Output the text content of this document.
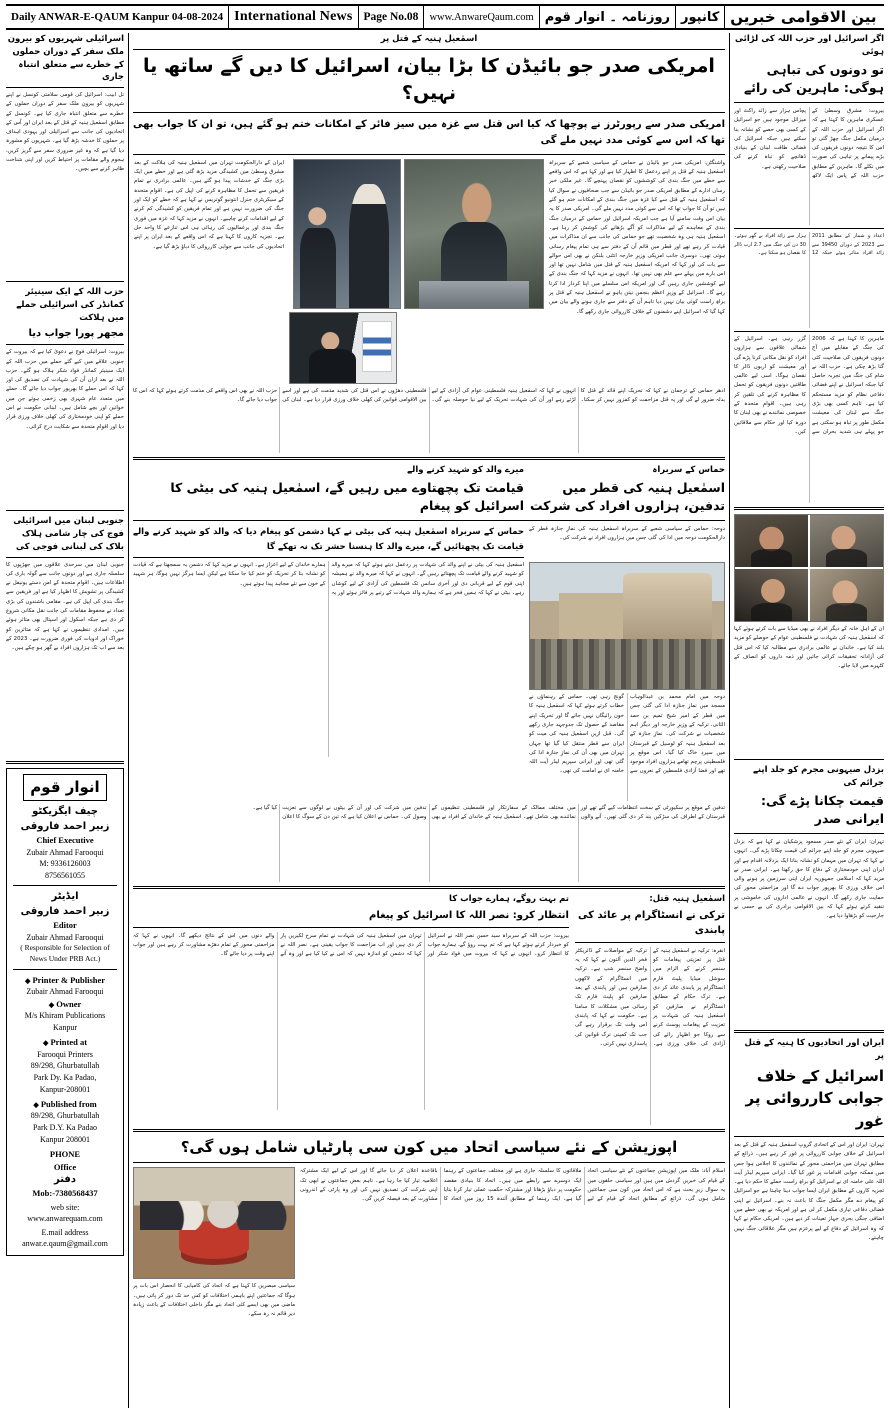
Daily ANWAR-E-QAUM Kanpur 04-08-2024 International News Page No.08	www.AnwareQaum.com روزنامہ ۔ انوار قوم کانپور بین الاقوامی خبریں
اگر اسرائیل اور حزب اللہ کی لڑائی ہوئی
تو دونوں کی تباہی ہوگی: ماہرین کی رائے
بیروت: مشرقِ وسطیٰ کے عسکری ماہرین کا کہنا ہے کہ اگر اسرائیل اور حزب اللہ کے درمیان مکمل جنگ چھڑ گئی تو اس کا نتیجہ دونوں فریقوں کی بڑے پیمانے پر تباہی کی صورت میں نکلے گا۔ ماہرین کے مطابق حزب اللہ کے پاس ایک لاکھ پچاس ہزار سے زائد راکٹ اور میزائل موجود ہیں جو اسرائیل کے کسی بھی حصے کو نشانہ بنا سکتے ہیں جبکہ اسرائیل کی فضائی طاقت لبنان کے بنیادی ڈھانچے کو تباہ کرنے کی صلاحیت رکھتی ہے۔
اعداد و شمار کے مطابق 2011 سے 2023 کے دوران 39450 سے زائد افراد متاثر ہوئے جبکہ 12 ہزار سے زائد افراد بے گھر ہوئے۔ 30 دن کی جنگ میں 2.7 ارب ڈالر کا نقصان ہو سکتا ہے۔
ماہرین کا کہنا ہے کہ 2006 کی جنگ کے مقابلے میں آج دونوں فریقوں کی صلاحیت کئی گنا بڑھ چکی ہے۔ حزب اللہ نے شام کی جنگ میں تجربہ حاصل کیا جبکہ اسرائیل نے اپنے فضائی دفاعی نظام کو مزید مستحکم کیا ہے۔ تاہم کسی بھی بڑی جنگ سے لبنان کی معیشت مکمل طور پر تباہ ہو سکتی ہے جو پہلے ہی شدید بحران سے گزر رہی ہے۔ اسرائیل کے شمالی علاقوں سے ہزاروں افراد کو نقل مکانی کرنا پڑے گی اور معیشت کو اربوں ڈالر کا نقصان ہوگا۔ اسی لیے عالمی طاقتیں دونوں فریقوں کو تحمل کا مظاہرہ کرنے کی تلقین کر رہی ہیں۔ اقوامِ متحدہ کے خصوصی نمائندے نے بھی لبنان کا دورہ کیا اور حکام سے ملاقاتیں کیں۔
ان کے اہلِ خانہ کے دیگر افراد نے بھی میڈیا سے بات کرتے ہوئے کہا کہ اسمٰعیل ہنیہ کی شہادت نے فلسطینی عوام کے حوصلے کو مزید بلند کیا ہے۔ خاندان نے عالمی برادری سے مطالبہ کیا کہ اس قتل کی آزادانہ تحقیقات کرائی جائیں اور ذمہ داروں کو انصاف کے کٹہرے میں لایا جائے۔
بزدل صیہونی مجرم کو جلد اپنے جرائم کی
قیمت چکانا پڑے گی: ایرانی صدر
تہران: ایران کے نئے صدر مسعود پزشکیان نے کہا ہے کہ بزدل صیہونی مجرم کو جلد اپنے جرائم کی قیمت چکانا پڑے گی۔ انہوں نے کہا کہ تہران میں مہمان کو نشانہ بنانا ایک بزدلانہ اقدام ہے اور ایران اپنی خودمختاری کے دفاع کا حق رکھتا ہے۔ ایرانی صدر نے مزید کہا کہ اسلامی جمہوریہ ایران اپنی سرزمین پر ہونے والی اس خلاف ورزی کا بھرپور جواب دے گا اور مزاحمتی محور کی حمایت جاری رکھے گا۔ انہوں نے عالمی اداروں کی خاموشی پر تنقید کرتے ہوئے کہا کہ بین الاقوامی برادری کی بے حسی نے جارحیت کو بڑھاوا دیا ہے۔
ایران اور اتحادیوں کا ہنیہ کے قتل پر
اسرائیل کے خلاف جوابی کارروائی پر غور
تہران: ایران اور اس کے اتحادی گروپ اسمٰعیل ہنیہ کے قتل کے بعد اسرائیل کے خلاف جوابی کارروائی پر غور کر رہے ہیں۔ ذرائع کے مطابق تہران میں مزاحمتی محور کے نمائندوں کا اجلاس ہوا جس میں ممکنہ جوابی اقدامات پر غور کیا گیا۔ ایرانی سپریم لیڈر آیت اللہ علی خامنہ ای نے اسرائیل کو براہِ راست حملے کا حکم دیا ہے۔ تجزیہ کاروں کے مطابق ایران ایسا جواب دینا چاہتا ہے جو اسرائیل کو پیغام دے مگر مکمل جنگ کا باعث نہ بنے۔ اسرائیل نے اپنی فضائی دفاعی تیاری مکمل کر لی ہے اور امریکہ نے بھی خطے میں اضافی جنگی بحری جہاز تعینات کر دیے ہیں۔ امریکی حکام نے کہا کہ وہ اسرائیل کے دفاع کے لیے پرعزم ہیں مگر علاقائی جنگ نہیں چاہتے۔
اسمٰعیل ہنیہ کے قتل پر
امریکی صدر جو بائیڈن کا بڑا بیان، اسرائیل کا دیں گے ساتھ یا نہیں؟
امریکی صدر سے رپورٹرز نے پوچھا کہ کیا اس قتل سے غزہ میں سیز فائر کے امکانات ختم ہو گئے ہیں، تو ان کا جواب بھی تھا کہ اس سے کوئی مدد نہیں ملے گی
واشنگٹن: امریکی صدر جو بائیڈن نے حماس کے سیاسی شعبے کے سربراہ اسمٰعیل ہنیہ کے قتل پر اپنے ردعمل کا اظہار کیا ہے اور کہا ہے کہ اس واقعے سے خطے میں جنگ بندی کی کوششوں کو نقصان پہنچے گا۔ غیر ملکی خبر رساں ادارے کے مطابق امریکی صدر جو بائیڈن سے جب صحافیوں نے سوال کیا کہ اسمٰعیل ہنیہ کے قتل سے کیا غزہ میں جنگ بندی کے امکانات ختم ہو گئے ہیں تو اُن کا جواب تھا کہ اس سے کوئی مدد نہیں ملے گی۔ امریکی صدر کا یہ بیان اس وقت سامنے آیا ہے جب امریکہ اسرائیل اور حماس کے درمیان جنگ بندی کے معاہدے کے لیے مذاکرات کو آگے بڑھانے کی کوشش کر رہا ہے۔ اسمٰعیل ہنیہ ہی وہ شخصیت تھے جو حماس کی جانب سے ان مذاکرات میں قیادت کر رہے تھے اور قطر میں قائم اُن کے دفتر سے ہی تمام پیغام رسانی ہوتی تھی۔ دوسری جانب امریکی وزیرِ خارجہ انٹنی بلنکن نے بھی اس حوالے سے بات کی اور کہا کہ امریکہ اسمٰعیل ہنیہ کے قتل میں شامل نہیں تھا اور اس بارے میں پہلے سے علم بھی نہیں تھا۔ انہوں نے مزید کہا کہ جنگ بندی کے لیے کوششیں جاری رہیں گی اور امریکہ اس سلسلے میں اپنا کردار ادا کرتا رہے گا۔ اسرائیل کے وزیرِ اعظم بنجمن نیتن یاہو نے اسمٰعیل ہنیہ کے قتل پر براہِ راست کوئی بیان نہیں دیا تاہم اُن کے دفتر سے جاری ہونے والے بیان میں کہا گیا کہ اسرائیل اپنے دشمنوں کے خلاف کارروائی جاری رکھے گا۔
ایران کے دارالحکومت تہران میں اسمٰعیل ہنیہ کی ہلاکت کے بعد مشرقِ وسطیٰ میں کشیدگی مزید بڑھ گئی ہے اور خطے میں ایک بڑی جنگ کے خدشات پیدا ہو گئے ہیں۔ عالمی برادری نے تمام فریقین سے تحمل کا مظاہرہ کرنے کی اپیل کی ہے۔ اقوامِ متحدہ کے سیکریٹری جنرل انتونیو گوتریس نے کہا ہے کہ خطے کو ایک اور جنگ کی ضرورت نہیں ہے اور تمام فریقین کو کشیدگی کم کرنے کے لیے اقدامات کرنے چاہیے۔ انہوں نے مزید کہا کہ غزہ میں فوری جنگ بندی اور یرغمالیوں کی رہائی ہی اس تنازعے کا واحد حل ہے۔ تجزیہ کاروں کا کہنا ہے کہ اس واقعے کے بعد ایران پر اپنے اتحادیوں کی جانب سے جوابی کارروائی کا دباؤ بڑھ گیا ہے۔
ادھر حماس کے ترجمان نے کہا کہ تحریک اپنے قائد کے قتل کا بدلہ ضرور لے گی اور یہ قتل مزاحمت کو کمزور نہیں کر سکتا۔ انہوں نے کہا کہ اسمٰعیل ہنیہ فلسطینی عوام کی آزادی کے لیے لڑتے رہے اور اُن کی شہادت تحریک کے لیے نیا حوصلہ بنے گی۔ فلسطینی دھڑوں نے اس قتل کی شدید مذمت کی ہے اور اسے بین الاقوامی قوانین کی کھلی خلاف ورزی قرار دیا ہے۔ لبنان کی حزب اللہ نے بھی اس واقعے کی مذمت کرتے ہوئے کہا کہ اس کا جواب دیا جائے گا۔
حماس کے سربراہ
اسمٰعیل ہنیہ کی قطر میں تدفین، ہزاروں افراد کی شرکت
میرے والد کو شہید کرنے والے
قیامت تک پچھتاوے میں رہیں گے، اسمٰعیل ہنیہ کی بیٹی کا اسرائیل کو پیغام
دوحہ: حماس کے سیاسی شعبے کے سربراہ اسمٰعیل ہنیہ کی نمازِ جنازہ قطر کے دارالحکومت دوحہ میں ادا کی گئی جس میں ہزاروں افراد نے شرکت کی۔
دوحہ میں امام محمد بن عبدالوہاب مسجد میں نمازِ جنازہ ادا کی گئی جس میں قطر کے امیر شیخ تمیم بن حمد الثانی، ترکیہ کے وزیرِ خارجہ اور دیگر اہم شخصیات نے شرکت کی۔ نمازِ جنازہ کے بعد اسمٰعیل ہنیہ کو لوسیل کے قبرستان میں سپردِ خاک کیا گیا۔ اس موقع پر فلسطینی پرچم تھامے ہزاروں افراد موجود تھے اور فضا آزادی فلسطین کے نعروں سے گونج رہی تھی۔ حماس کے رہنماؤں نے خطاب کرتے ہوئے کہا کہ اسمٰعیل ہنیہ کا خون رائیگاں نہیں جائے گا اور تحریک اپنے مقاصد کے حصول تک جدوجہد جاری رکھے گی۔ قبل ازیں اسمٰعیل ہنیہ کی میت کو ایران سے قطر منتقل کیا گیا تھا جہاں تہران میں بھی اُن کی نمازِ جنازہ ادا کی گئی تھی اور ایرانی سپریم لیڈر آیت اللہ خامنہ ای نے امامت کی تھی۔
حماس کے سربراہ اسمٰعیل ہنیہ کی بیٹی نے کہا دشمن کو پیغام دیا کہ والد کو شہید کرنے والے قیامت تک پچھتائیں گے، میرے والد کا ہنسنا حشر تک نہ تھکے گا
اسمٰعیل ہنیہ کی بیٹی نے اپنے والد کی شہادت پر ردعمل دیتے ہوئے کہا کہ میرے والد کو شہید کرنے والے قیامت تک پچھتاتے رہیں گے۔ انہوں نے کہا کہ میرے والد نے ہمیشہ اپنی قوم کے لیے قربانی دی اور آخری سانس تک فلسطین کی آزادی کے لیے کوشاں رہے۔ بیٹی نے کہا کہ ہمیں فخر ہے کہ ہمارے والد شہادت کے رتبے پر فائز ہوئے اور یہ ہمارے خاندان کے لیے اعزاز ہے۔ انہوں نے مزید کہا کہ دشمن یہ سمجھتا ہے کہ قیادت کو نشانہ بنا کر تحریک کو ختم کیا جا سکتا ہے لیکن ایسا ہرگز نہیں ہوگا، ہر شہید کے خون سے نئے مجاہد پیدا ہوتے ہیں۔
تدفین کے موقع پر سکیورٹی کے سخت انتظامات کیے گئے تھے اور قبرستان کے اطراف کی سڑکیں بند کر دی گئی تھیں۔ آنے والوں میں مختلف ممالک کے سفارتکار اور فلسطینی تنظیموں کے نمائندے بھی شامل تھے۔ اسمٰعیل ہنیہ کے خاندان کے افراد نے بھی تدفین میں شرکت کی اور اُن کے بیٹوں نے لوگوں سے تعزیت وصول کی۔ حماس نے اعلان کیا ہے کہ تین دن کے سوگ کا اعلان کیا گیا ہے۔
اسمٰعیل ہنیہ قتل:
ترکی نے انسٹاگرام پر عائد کی پابندی
انقرہ: ترکیہ نے اسمٰعیل ہنیہ کے قتل پر تعزیتی پیغامات کو سنسر کرنے کے الزام میں سوشل میڈیا پلیٹ فارم انسٹاگرام پر پابندی عائد کر دی ہے۔ ترک حکام کے مطابق انسٹاگرام نے صارفین کو اسمٰعیل ہنیہ کی شہادت پر تعزیت کے پیغامات پوسٹ کرنے سے روکا جو اظہارِ رائے کی آزادی کی خلاف ورزی ہے۔ ترکیہ کے مواصلات کے ڈائریکٹر فخر الدین آلتون نے کہا کہ یہ واضح سنسر شپ ہے۔ ترکیہ میں انسٹاگرام کے لاکھوں صارفین ہیں اور پابندی کے بعد صارفین کو پلیٹ فارم تک رسائی میں مشکلات کا سامنا ہے۔ حکومت نے کہا کہ پابندی اس وقت تک برقرار رہے گی جب تک کمپنی ترک قوانین کی پاسداری نہیں کرتی۔
تم بہت روگے، ہمارے جواب کا
انتظار کرو: نصر اللہ کا اسرائیل کو پیغام
بیروت: حزب اللہ کے سربراہ سید حسن نصر اللہ نے اسرائیل کو خبردار کرتے ہوئے کہا ہے کہ تم بہت روؤ گے، ہمارے جواب کا انتظار کرو۔ انہوں نے کہا کہ بیروت میں فواد شکر اور تہران میں اسمٰعیل ہنیہ کی شہادت نے تمام سرخ لکیریں پار کر دی ہیں اور اب مزاحمت کا جواب یقینی ہے۔ نصر اللہ نے کہا کہ دشمن کو اندازہ نہیں کہ اس نے کیا کیا ہے اور وہ آنے والے دنوں میں اس کے نتائج دیکھے گا۔ انہوں نے کہا کہ مزاحمتی محور کے تمام دھڑے مشاورت کر رہے ہیں اور جواب اپنے وقت پر دیا جائے گا۔
اپوزیشن کے نئے سیاسی اتحاد میں کون سی پارٹیاں شامل ہوں گی؟
اسلام آباد: ملک میں اپوزیشن جماعتوں کے نئے سیاسی اتحاد کے قیام کی خبریں گردش میں ہیں اور سیاسی حلقوں میں یہ سوال زیرِ بحث ہے کہ اس اتحاد میں کون سی جماعتیں شامل ہوں گی۔ ذرائع کے مطابق اتحاد کے قیام کے لیے ملاقاتوں کا سلسلہ جاری ہے اور مختلف جماعتوں کے رہنما ایک دوسرے سے رابطے میں ہیں۔ اتحاد کا بنیادی مقصد حکومت پر دباؤ بڑھانا اور مشترکہ حکمتِ عملی تیار کرنا بتایا گیا ہے۔ ایک رہنما کے مطابق آئندہ 15 روز میں اتحاد کا باقاعدہ اعلان کر دیا جائے گا اور اس کے لیے ایک مشترکہ اعلامیہ تیار کیا جا رہا ہے۔ تاہم بعض جماعتوں نے ابھی تک اپنی شرکت کی تصدیق نہیں کی اور وہ پارٹی کے اندرونی مشاورت کے بعد فیصلہ کریں گی۔
سیاسی مبصرین کا کہنا ہے کہ اتحاد کی کامیابی کا انحصار اس بات پر ہوگا کہ جماعتیں اپنے باہمی اختلافات کو کس حد تک دور کر پاتی ہیں۔ ماضی میں بھی ایسے کئی اتحاد بنے مگر داخلی اختلافات کے باعث زیادہ دیر قائم نہ رہ سکے۔
اسرائیلی شہریوں کو بیرون ملک سفر کے دوران حملوں کے خطرے سے متعلق انتباہ جاری
تل ابیب: اسرائیل کی قومی سلامتی کونسل نے اپنے شہریوں کو بیرونِ ملک سفر کے دوران حملوں کے خطرے سے متعلق انتباہ جاری کیا ہے۔ کونسل کے مطابق اسمٰعیل ہنیہ کے قتل کے بعد ایران اور اُس کے اتحادیوں کی جانب سے اسرائیلی اور یہودی اہداف پر حملوں کا خدشہ بڑھ گیا ہے۔ شہریوں کو مشورہ دیا گیا ہے کہ وہ غیر ضروری سفر سے گریز کریں، ہجوم والے مقامات پر احتیاط کریں اور اپنی شناخت ظاہر کرنے سے بچیں۔
حزب اللہ کے ایک سینیئر کمانڈر کی اسرائیلی حملے میں ہلاکت
مجھر پورا جواب دیا
بیروت: اسرائیلی فوج نے دعویٰ کیا ہے کہ بیروت کے جنوبی علاقے میں کیے گئے حملے میں حزب اللہ کے ایک سینیئر کمانڈر فواد شکر ہلاک ہو گئے۔ حزب اللہ نے بعد ازاں اُن کی شہادت کی تصدیق کی اور کہا کہ اس حملے کا بھرپور جواب دیا جائے گا۔ حملے میں متعدد عام شہری بھی زخمی ہوئے جن میں خواتین اور بچے شامل ہیں۔ لبنانی حکومت نے اس حملے کو اپنی خودمختاری کی کھلی خلاف ورزی قرار دیا اور اقوامِ متحدہ سے شکایت درج کرائی۔
جنوبی لبنان میں اسرائیلی فوج کی چار شامی ہلاک بلاک کی لبنانی فوجی کی
جنوبی لبنان میں سرحدی علاقوں میں جھڑپوں کا سلسلہ جاری ہے اور دونوں جانب سے گولہ باری کی اطلاعات ہیں۔ اقوامِ متحدہ کے امن دستے یونیفل نے کشیدگی پر تشویش کا اظہار کیا ہے اور فریقین سے جنگ بندی کی اپیل کی ہے۔ مقامی باشندوں کی بڑی تعداد نے محفوظ مقامات کی جانب نقل مکانی شروع کر دی ہے جبکہ اسکول اور اسپتال بھی متاثر ہوئے ہیں۔ امدادی تنظیموں نے کہا ہے کہ متاثرین کو خوراک اور ادویات کی فوری ضرورت ہے۔ 2023 کے بعد سے اب تک ہزاروں افراد بے گھر ہو چکے ہیں۔
انوار قوم
چیف ایگزیکٹو
زبیر احمد فاروقی
Chief Executive
Zubair Ahmad Farooqui
M: 9336126003
8756561055
ایڈیٹر
زبیر احمد فاروقی
Editor
Zubair Ahmad Farooqui
( Responsible for Selection of News Under PRB Act.)
◆ Printer & Publisher
Zubair Ahmad Farooqui
◆ Owner
M/s Khiram Publications
Kanpur
◆ Printed at
Farooqui Printers
89/298, Ghurbatullah
Park Dy. Ka Padao,
Kanpur-208001
◆ Published from
89/298, Ghurbatullah
Park D.Y. Ka Padao
Kanpur 208001
PHONE
Office
دفتر
Mob:-7380568437
web site:
www.anwarequam.com
E.mail address
anwar.e.qaum@gmail.com
